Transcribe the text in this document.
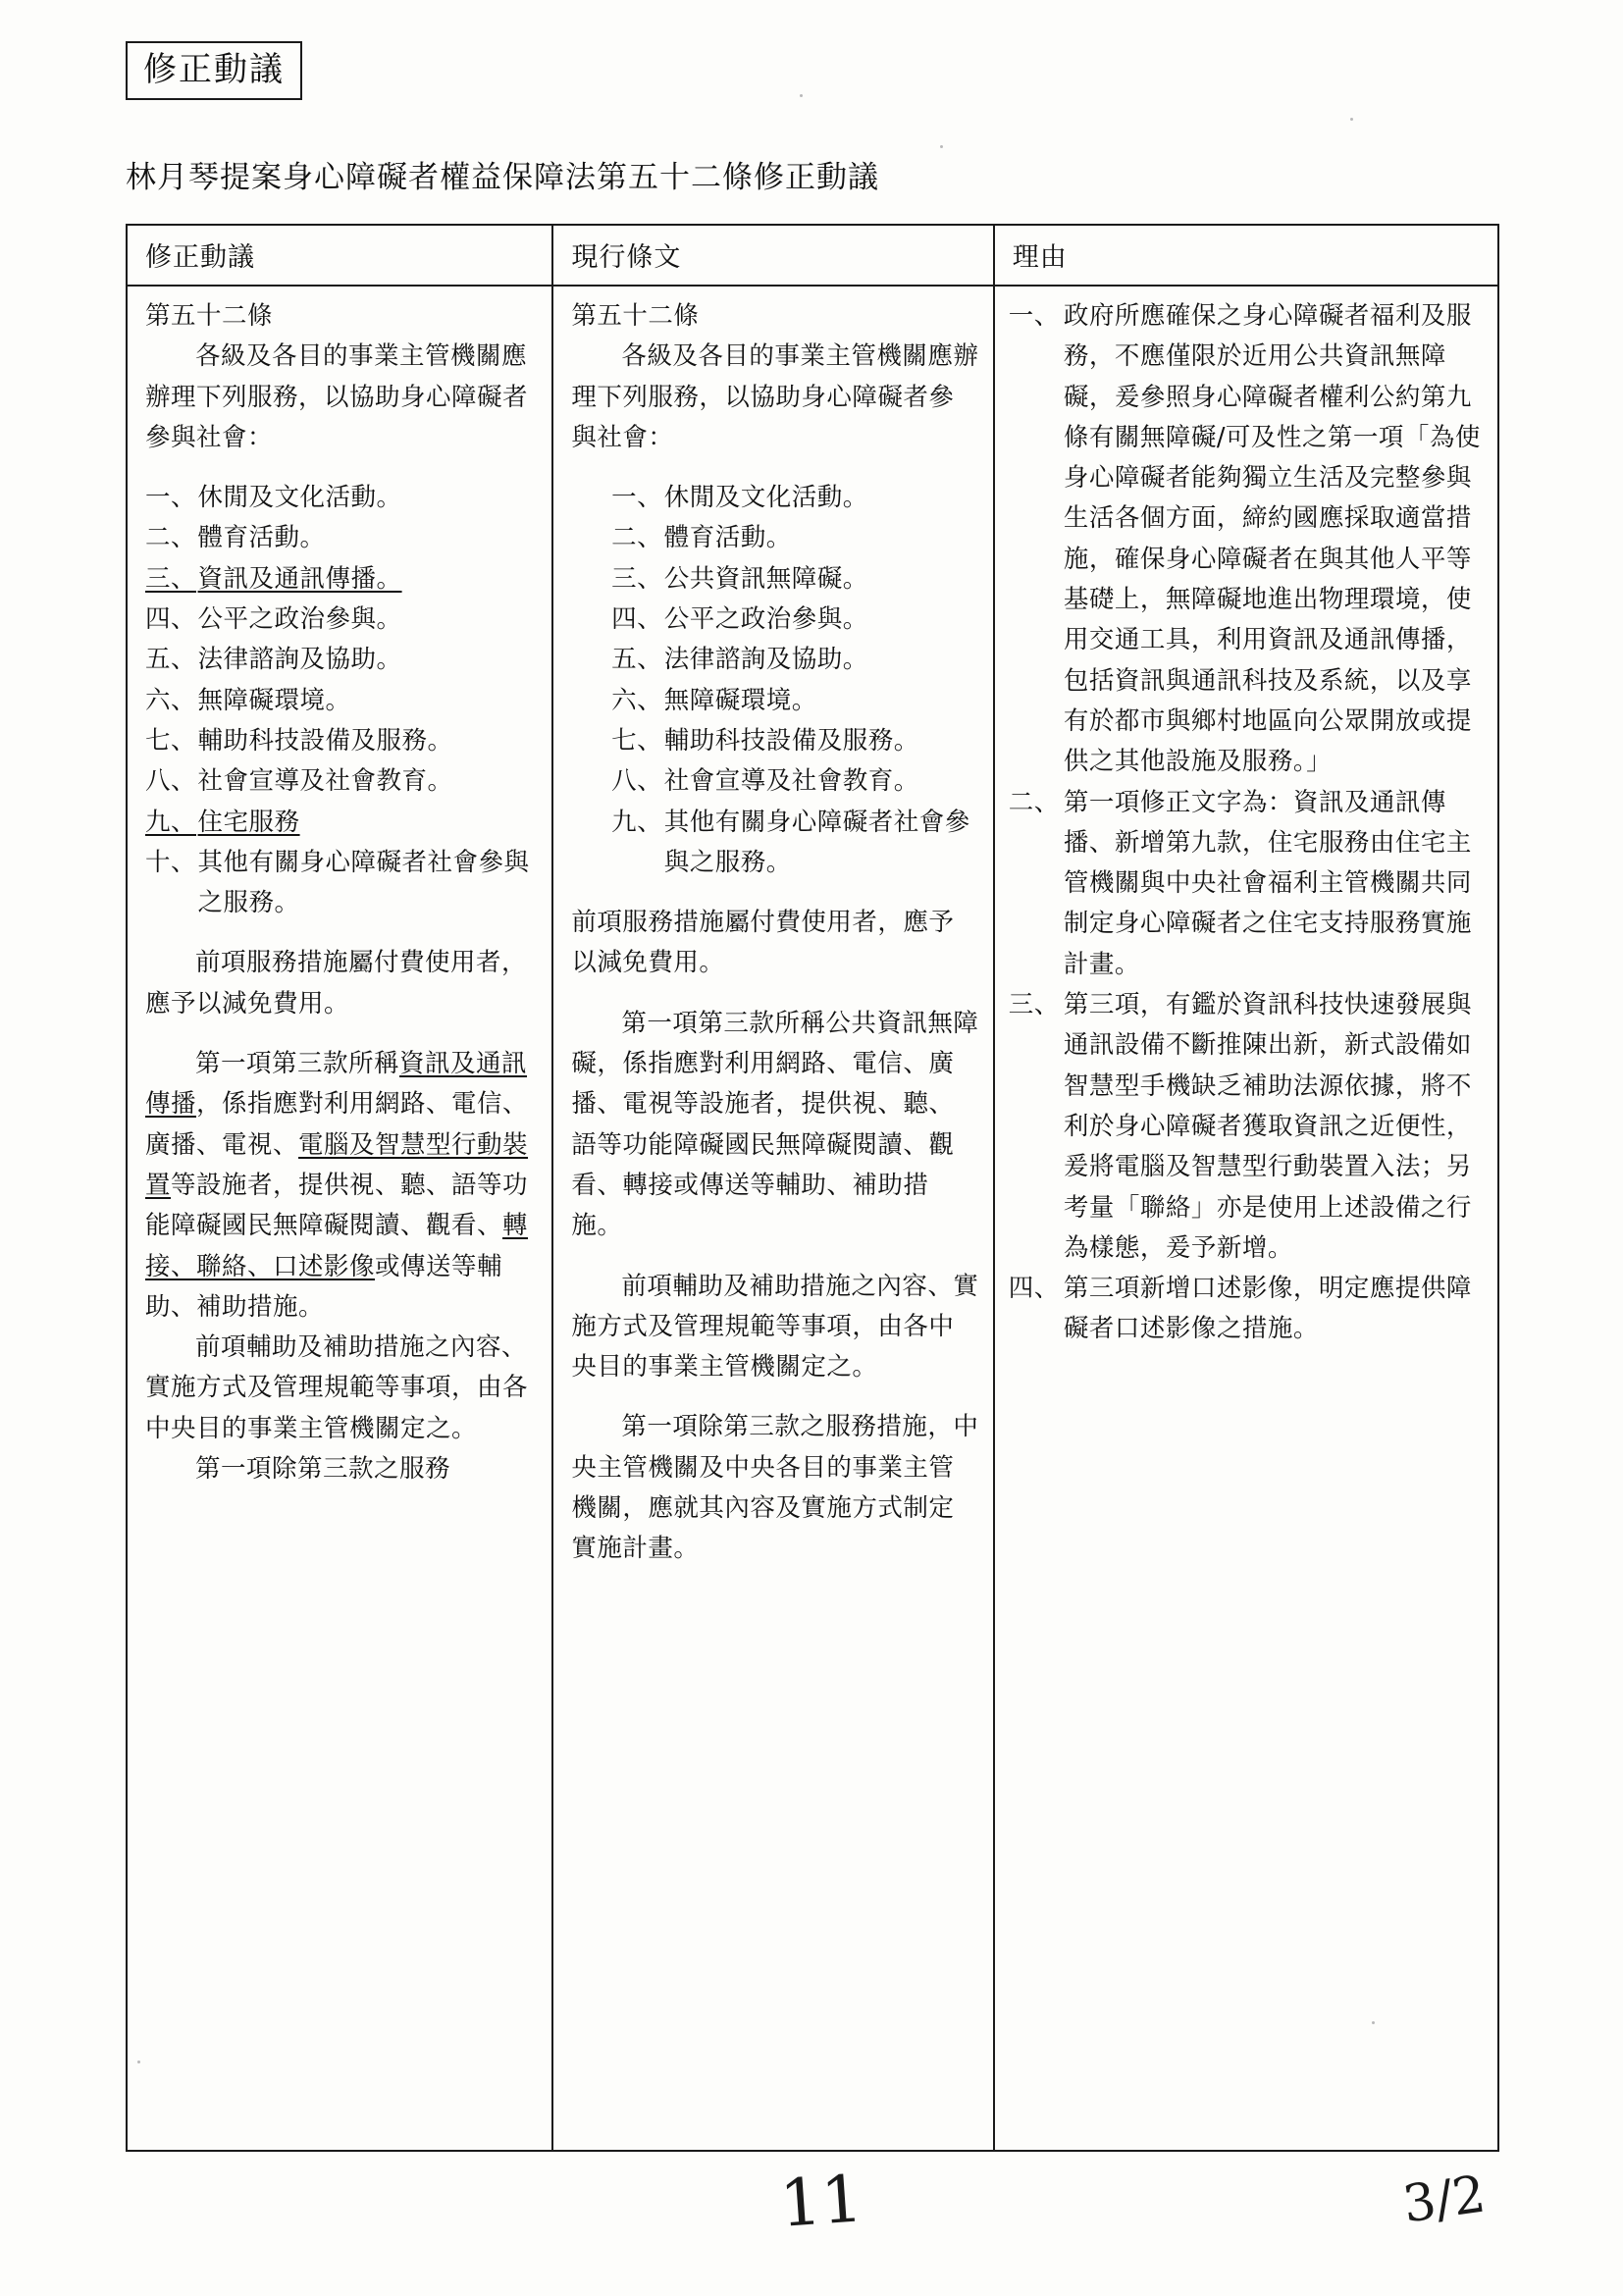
修正動議
林月琴提案身心障礙者權益保障法第五十二條修正動議
修正動議
第五十二條
各級及各目的事業主管機關應辦理下列服務，以協助身心障礙者參與社會：
一、 休閒及文化活動。
二、 體育活動。
三、 資訊及通訊傳播。
四、 公平之政治參與。
五、 法律諮詢及協助。
六、 無障礙環境。
七、 輔助科技設備及服務。
八、 社會宣導及社會教育。
九、 住宅服務
十、 其他有關身心障礙者社會參與之服務。
前項服務措施屬付費使用者，應予以減免費用。
第一項第三款所稱資訊及通訊傳播，係指應對利用網路、電信、廣播、電視、電腦及智慧型行動裝置等設施者，提供視、聽、語等功能障礙國民無障礙閱讀、觀看、轉接、聯絡、口述影像或傳送等輔助、補助措施。
前項輔助及補助措施之內容、實施方式及管理規範等事項，由各中央目的事業主管機關定之。
第一項除第三款之服務
現行條文
第五十二條
各級及各目的事業主管機關應辦理下列服務，以協助身心障礙者參與社會：
一、 休閒及文化活動。
二、 體育活動。
三、 公共資訊無障礙。
四、 公平之政治參與。
五、 法律諮詢及協助。
六、 無障礙環境。
七、 輔助科技設備及服務。
八、 社會宣導及社會教育。
九、 其他有關身心障礙者社會參與之服務。
前項服務措施屬付費使用者，應予以減免費用。
第一項第三款所稱公共資訊無障礙，係指應對利用網路、電信、廣播、電視等設施者，提供視、聽、語等功能障礙國民無障礙閱讀、觀看、轉接或傳送等輔助、補助措施。
前項輔助及補助措施之內容、實施方式及管理規範等事項，由各中央目的事業主管機關定之。
第一項除第三款之服務措施，中央主管機關及中央各目的事業主管機關，應就其內容及實施方式制定實施計畫。
理由
一、 政府所應確保之身心障礙者福利及服務，不應僅限於近用公共資訊無障礙，爰參照身心障礙者權利公約第九條有關無障礙/可及性之第一項「為使身心障礙者能夠獨立生活及完整參與生活各個方面，締約國應採取適當措施，確保身心障礙者在與其他人平等基礎上，無障礙地進出物理環境，使用交通工具，利用資訊及通訊傳播，包括資訊與通訊科技及系統，以及享有於都市與鄉村地區向公眾開放或提供之其他設施及服務。」
二、 第一項修正文字為：資訊及通訊傳播、新增第九款，住宅服務由住宅主管機關與中央社會福利主管機關共同制定身心障礙者之住宅支持服務實施計畫。
三、 第三項，有鑑於資訊科技快速發展與通訊設備不斷推陳出新，新式設備如智慧型手機缺乏補助法源依據，將不利於身心障礙者獲取資訊之近便性，爰將電腦及智慧型行動裝置入法；另考量「聯絡」亦是使用上述設備之行為樣態，爰予新增。
四、 第三項新增口述影像，明定應提供障礙者口述影像之措施。
11	3/2
